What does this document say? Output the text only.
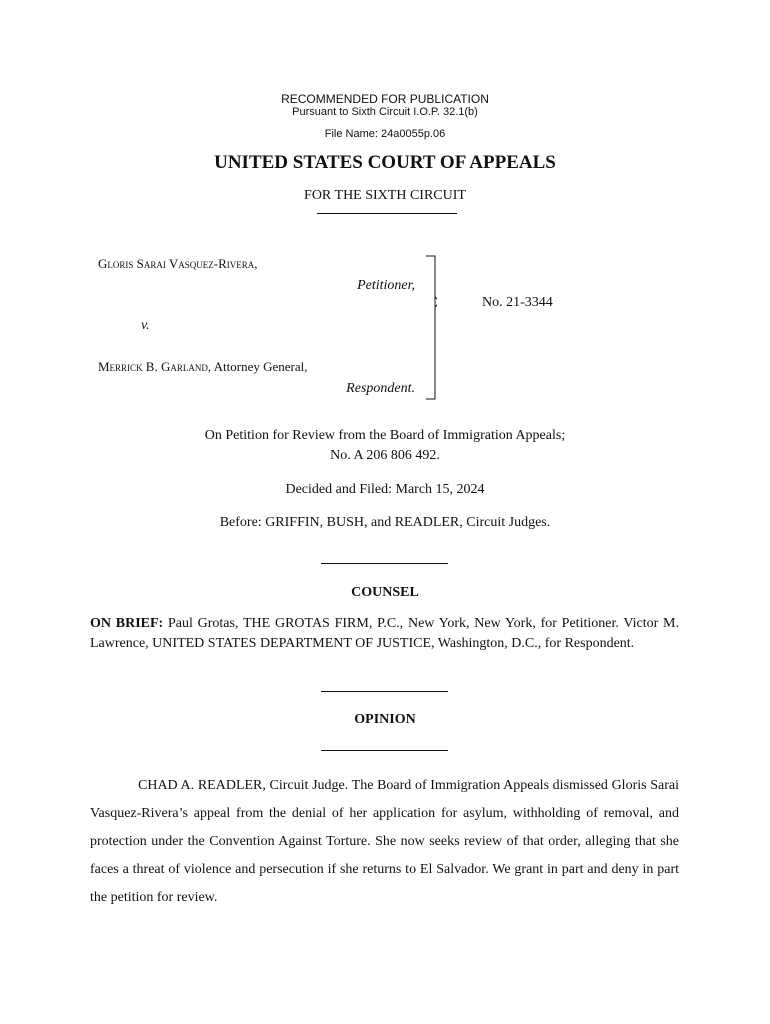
RECOMMENDED FOR PUBLICATION
Pursuant to Sixth Circuit I.O.P. 32.1(b)
File Name: 24a0055p.06
UNITED STATES COURT OF APPEALS
FOR THE SIXTH CIRCUIT
Gloris Sarai Vasquez-Rivera,
Petitioner,
v.
Merrick B. Garland, Attorney General,
Respondent.
No. 21-3344
On Petition for Review from the Board of Immigration Appeals;
No. A 206 806 492.
Decided and Filed: March 15, 2024
Before: GRIFFIN, BUSH, and READLER, Circuit Judges.
COUNSEL
ON BRIEF: Paul Grotas, THE GROTAS FIRM, P.C., New York, New York, for Petitioner. Victor M. Lawrence, UNITED STATES DEPARTMENT OF JUSTICE, Washington, D.C., for Respondent.
OPINION
CHAD A. READLER, Circuit Judge. The Board of Immigration Appeals dismissed Gloris Sarai Vasquez-Rivera’s appeal from the denial of her application for asylum, withholding of removal, and protection under the Convention Against Torture. She now seeks review of that order, alleging that she faces a threat of violence and persecution if she returns to El Salvador. We grant in part and deny in part the petition for review.
